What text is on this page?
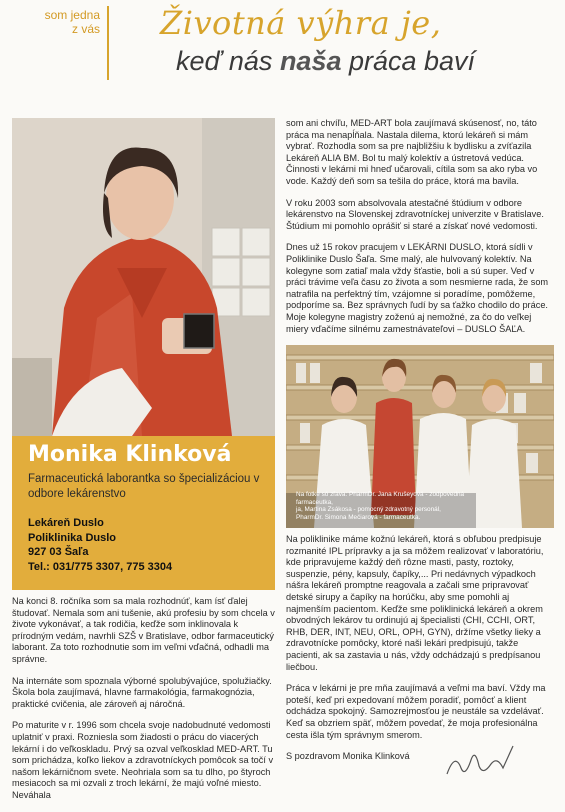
som jedna
z vás Životná výhra je,
keď nás naša práca baví
Monika Klinková
Farmaceutická laborantka so špecializáciou v odbore lekárenstvo
Lekáreň Duslo
Poliklinika Duslo
927 03 Šaľa
Tel.: 031/775 3307, 775 3304

Na konci 8. ročníka som sa mala rozhodnúť, kam ísť ďalej študovať. Nemala som ani tušenie, akú profesiu by som chcela v živote vykonávať, a tak rodičia, keďže som inklinovala k prírodným vedám, navrhli SZŠ v Bratislave, odbor farmaceutický laborant. Za toto rozhodnutie som im veľmi vďačná, odhadli ma správne.

Na internáte som spoznala výborné spolubývajúce, spolužiačky. Škola bola zaujímavá, hlavne farmakológia, farmakognózia, praktické cvičenia, ale zároveň aj náročná.

Po maturite v r. 1996 som chcela svoje nadobudnuté vedomosti uplatniť v praxi. Rozniesla som žiadosti o prácu do viacerých lekární i do veľkoskladu. Prvý sa ozval veľkosklad MED-ART. Tu som prichádza, koľko liekov a zdravotníckych pomôcok sa točí v našom lekárničnom svete. Neohriala som sa tu dlho, po štyroch mesiacoch sa mi ozvali z troch lekární, že majú voľné miesto. Neváhala

som ani chvíľu, MED-ART bola zaujímavá skúsenosť, no, táto práca ma nenapĺňala. Nastala dilema, ktorú lekáreň si mám vybrať. Rozhodla som sa pre najbližšiu k bydlisku a zvíťazila Lekáreň ALIA BM. Bol tu malý kolektív a ústretová vedúca. Činnosti v lekárni mi hneď učarovali, cítila som sa ako ryba vo vode. Každý deň som sa tešila do práce, ktorá ma bavila.

V roku 2003 som absolvovala atestačné štúdium v odbore lekárenstvo na Slovenskej zdravotníckej univerzite v Bratislave. Štúdium mi pomohlo oprášiť si staré a získať nové vedomosti.

Dnes už 15 rokov pracujem v LEKÁRNI DUSLO, ktorá sídli v Poliklinike Duslo Šaľa. Sme malý, ale hulvovaný kolektív. Na kolegyne som zatiaľ mala vždy šťastie, boli a sú super. Veď v práci trávime veľa času zo života a som nesmierne rada, že som natrafila na perfektný tím, vzájomne si poradíme, pomôžeme, podporíme sa. Bez správnych ľudí by sa ťažko chodilo do práce. Moje kolegyne magistry zoženú aj nemožné, za čo do veľkej miery vďačíme silnému zamestnávateľovi – DUSLO ŠAĽA.

Na fotke só zľava: PharmDr. Jana Krušeyová - zodpovedná farmaceutka,
ja, Martina Zsákosa - pomocný zdravotný personál,
PharmDr. Simona Mečiarová - farmaceutka.

Na poliklinike máme kožnú lekáreň, ktorá s obľubou predpisuje rozmanité IPL prípravky a ja sa môžem realizovať v laboratóriu, kde pripravujeme každý deň rôzne masti, pasty, roztoky, suspenzie, pény, kapsuly, čapíky,... Pri nedávnych výpadkoch nášra lekáreň promptne reagovala a začali sme pripravovať detské sirupy a čapíky na horúčku, aby sme pomohli aj najmenším pacientom. Keďže sme poliklinická lekáreň a okrem obvodných lekárov tu ordinujú aj špecialisti (CHI, CCHI, ORT, RHB, DER, INT, NEU, ORL, OPH, GYN), držíme všetky lieky a zdravotnícke pomôcky, ktoré naši lekári predpisujú, takže pacienti, ak sa zastavia u nás, vždy odchádzajú s predpísanou liečbou.

Práca v lekárni je pre mňa zaujímavá a veľmi ma baví. Vždy ma poteší, keď pri expedovaní môžem poradiť, pomôcť a klient odchádza spokojný. Samozrejmosťou je neustále sa vzdelávať. Keď sa obzriem späť, môžem povedať, že moja profesionálna cesta išla tým správnym smerom.

S pozdravom Monika Klinková
